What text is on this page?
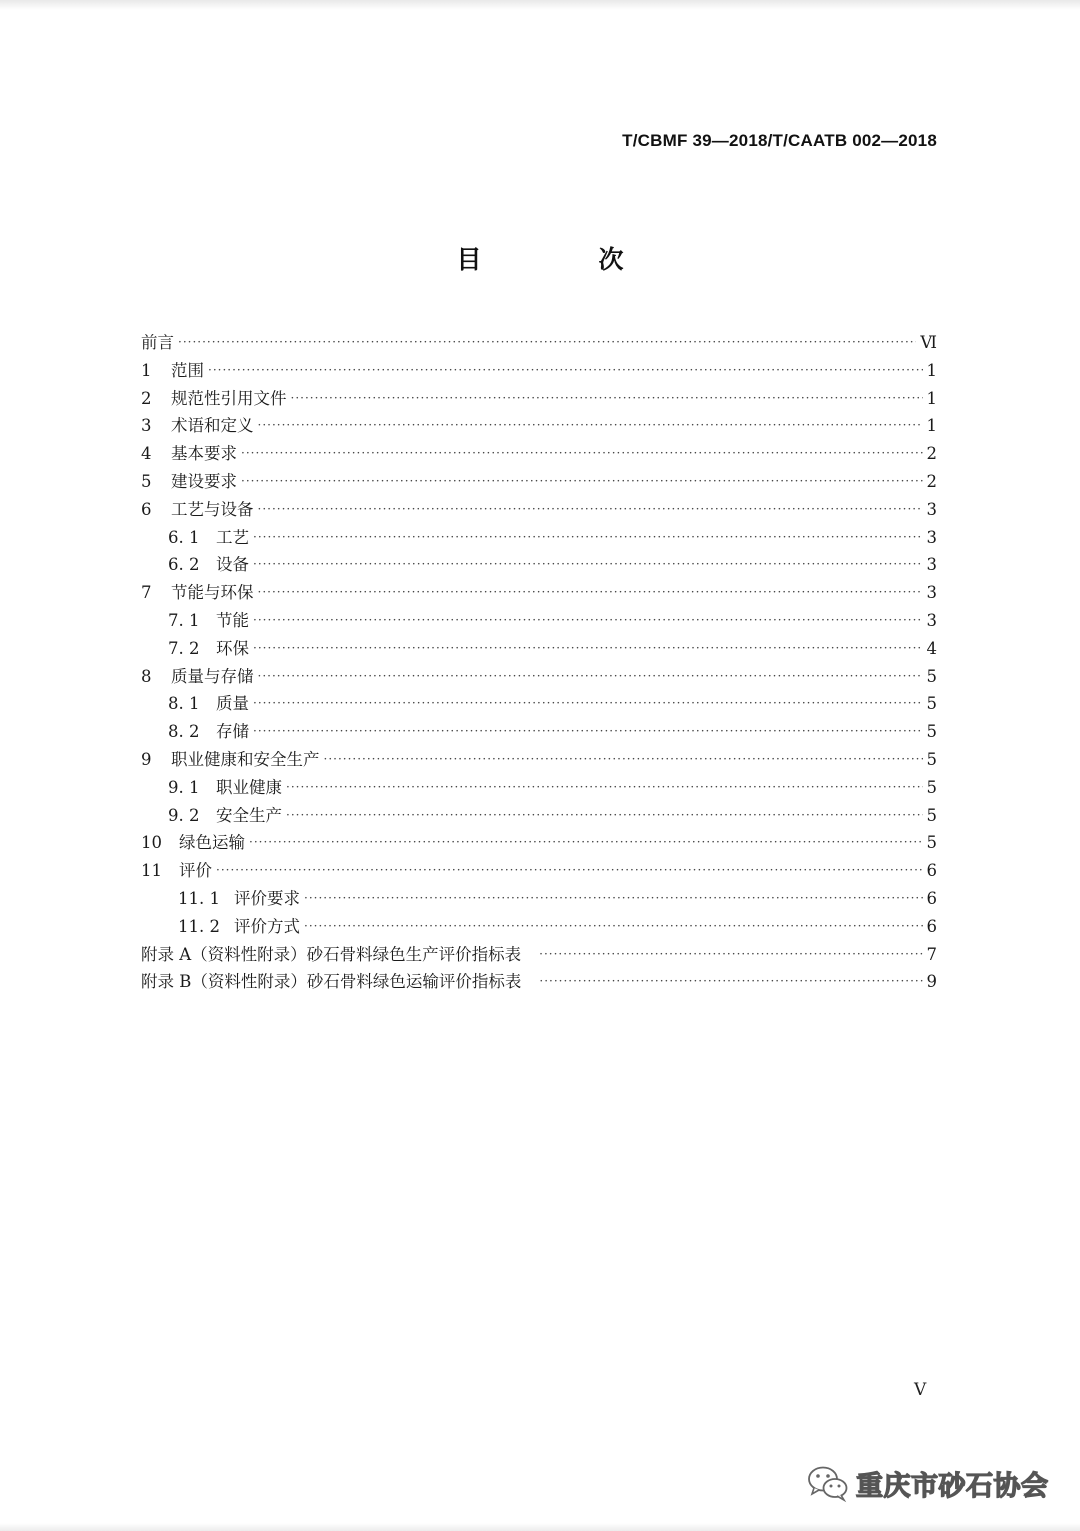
T/CBMF 39—2018/T/CAATB 002—2018
目　次
前言 ·····	Ⅵ
1	范围 ·····	1
2	规范性引用文件 ·····	1
3	术语和定义 ·····	1
4	基本要求 ·····	2
5	建设要求 ·····	2
6	工艺与设备 ·····	3
6. 1	工艺 ·····	3
6. 2	设备 ·····	3
7	节能与环保 ·····	3
7. 1	节能 ·····	3
7. 2	环保 ·····	4
8	质量与存储 ·····	5
8. 1	质量 ·····	5
8. 2	存储 ·····	5
9	职业健康和安全生产 ·····	5
9. 1	职业健康 ·····	5
9. 2	安全生产 ·····	5
10	绿色运输 ·····	5
11	评价 ·····	6
11. 1 评价要求 ·····	6
11. 2 评价方式 ·····	6
附录 A（资料性附录）砂石骨料绿色生产评价指标表 ·····	7
附录 B（资料性附录）砂石骨料绿色运输评价指标表 ·····	9
Ⅴ
重庆市砂石协会
